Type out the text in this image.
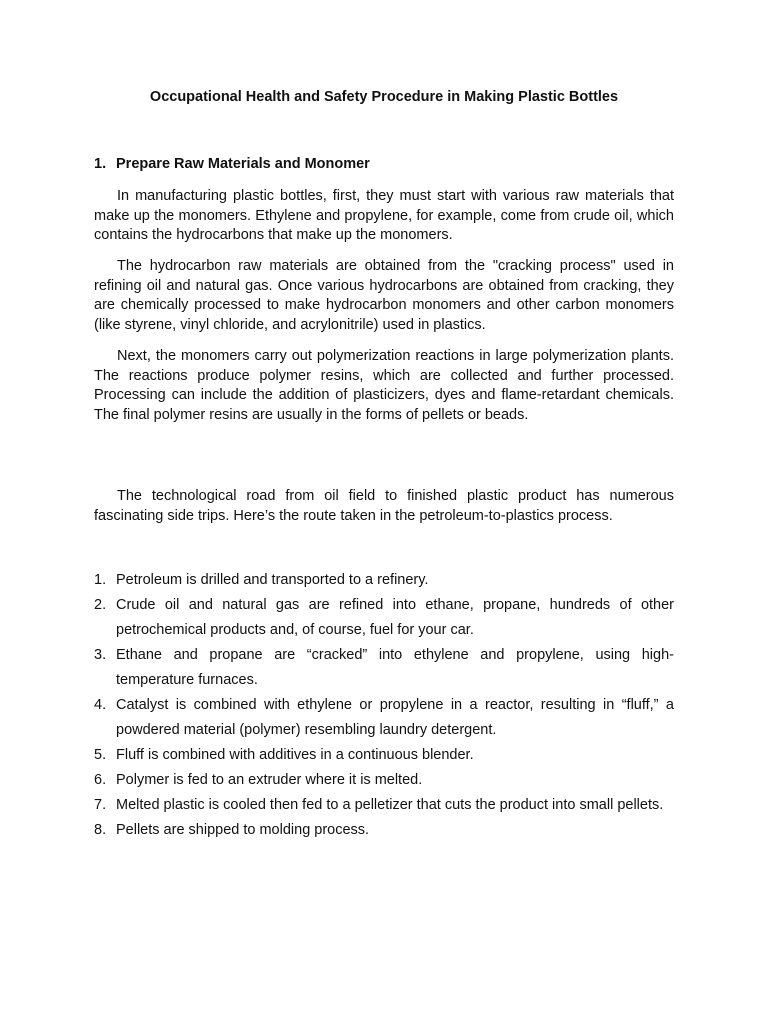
Occupational Health and Safety Procedure in Making Plastic Bottles
1. Prepare Raw Materials and Monomer

In manufacturing plastic bottles, first, they must start with various raw materials that make up the monomers. Ethylene and propylene, for example, come from crude oil, which contains the hydrocarbons that make up the monomers.

The hydrocarbon raw materials are obtained from the "cracking process" used in refining oil and natural gas. Once various hydrocarbons are obtained from cracking, they are chemically processed to make hydrocarbon monomers and other carbon monomers (like styrene, vinyl chloride, and acrylonitrile) used in plastics.

Next, the monomers carry out polymerization reactions in large polymerization plants. The reactions produce polymer resins, which are collected and further processed. Processing can include the addition of plasticizers, dyes and flame-retardant chemicals. The final polymer resins are usually in the forms of pellets or beads.

The technological road from oil field to finished plastic product has numerous fascinating side trips. Here’s the route taken in the petroleum-to-plastics process.

1. Petroleum is drilled and transported to a refinery.
2. Crude oil and natural gas are refined into ethane, propane, hundreds of other petrochemical products and, of course, fuel for your car.
3. Ethane and propane are “cracked” into ethylene and propylene, using high-temperature furnaces.
4. Catalyst is combined with ethylene or propylene in a reactor, resulting in “fluff,” a powdered material (polymer) resembling laundry detergent.
5. Fluff is combined with additives in a continuous blender.
6. Polymer is fed to an extruder where it is melted.
7. Melted plastic is cooled then fed to a pelletizer that cuts the product into small pellets.
8. Pellets are shipped to molding process.
